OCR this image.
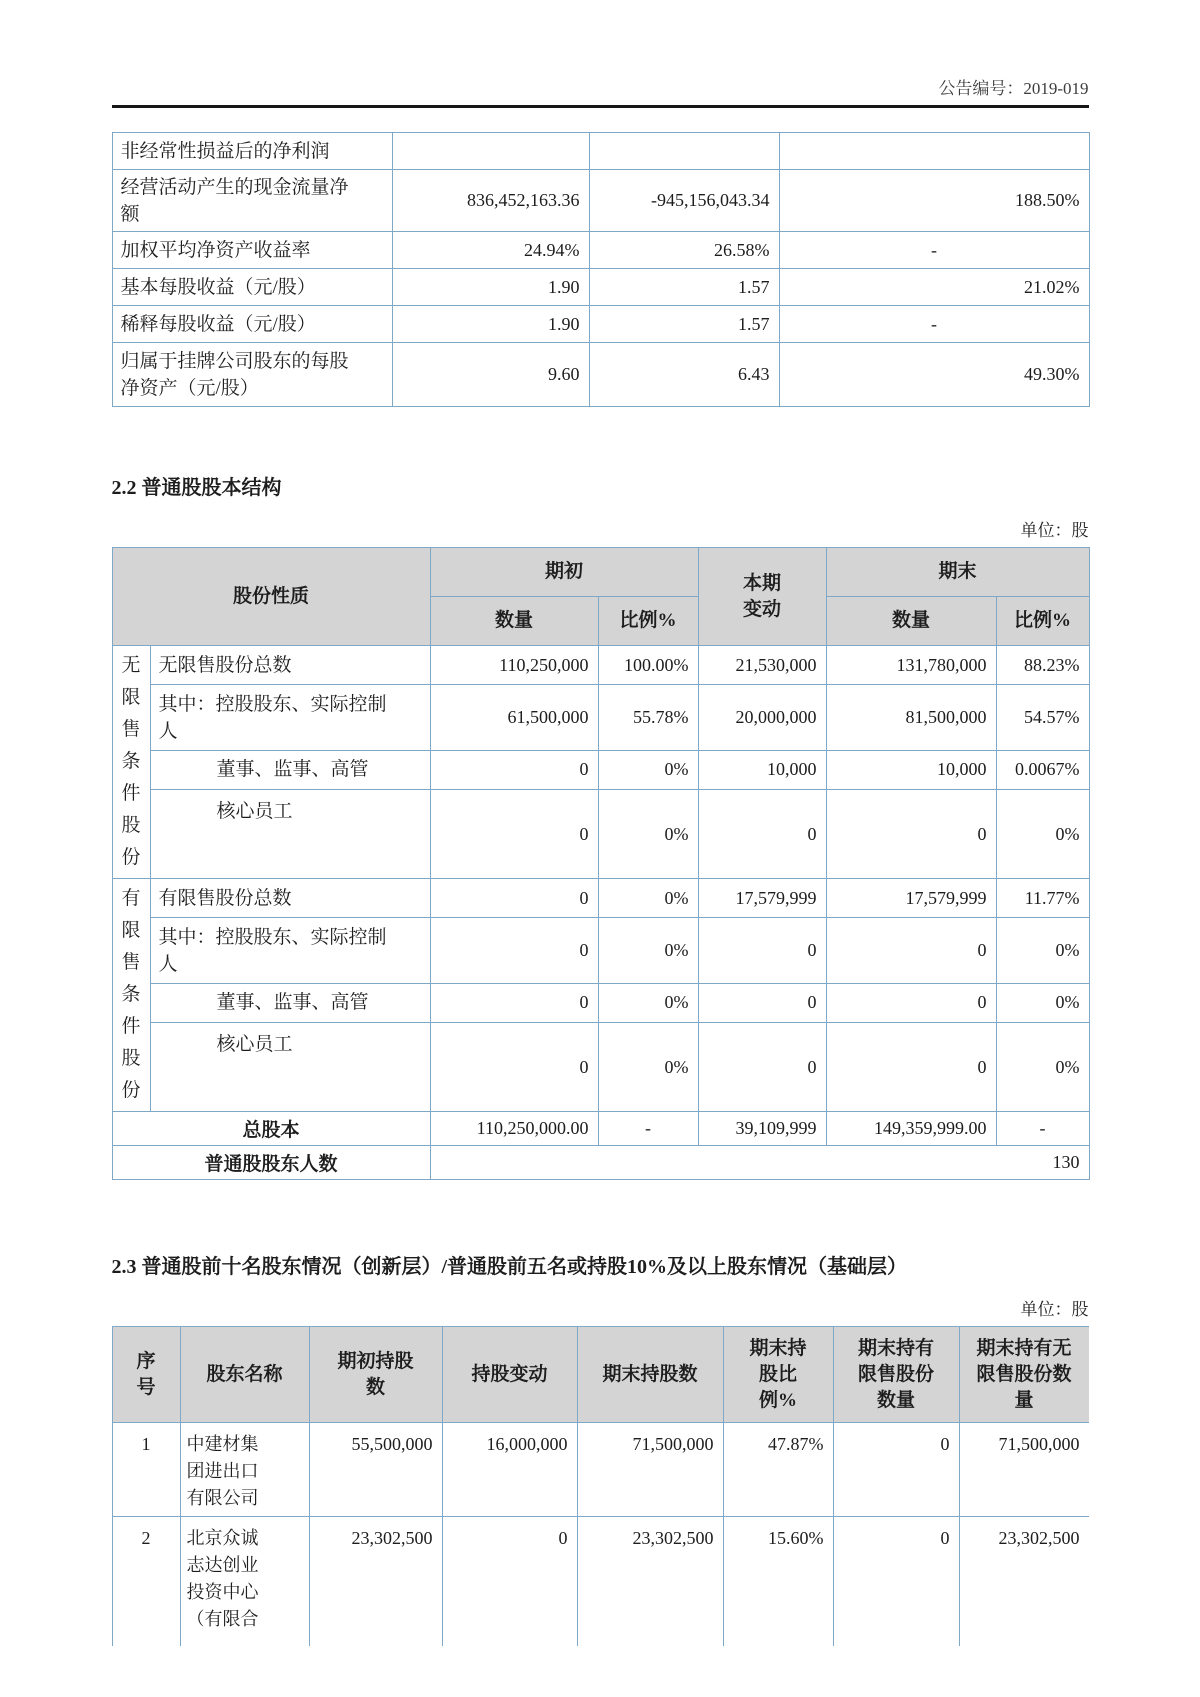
公告编号：2019-019
非经常性损益后的净利润			
经营活动产生的现金流量净额	836,452,163.36	-945,156,043.34	188.50%
加权平均净资产收益率	24.94%	26.58%	-
基本每股收益（元/股）	1.90	1.57	21.02%
稀释每股收益（元/股）	1.90	1.57	-
归属于挂牌公司股东的每股净资产（元/股）	9.60	6.43	49.30%
2.2 普通股股本结构
单位：股
股份性质		期初		本期变动	期末	
		数量	比例%		数量	比例%
无限售条件股份	无限售股份总数	110,250,000	100.00%	21,530,000	131,780,000	88.23%
	其中：控股股东、实际控制人	61,500,000	55.78%	20,000,000	81,500,000	54.57%
	董事、监事、高管	0	0%	10,000	10,000	0.0067%
	核心员工	0	0%	0	0	0%
有限售条件股份	有限售股份总数	0	0%	17,579,999	17,579,999	11.77%
	其中：控股股东、实际控制人	0	0%	0	0	0%
	董事、监事、高管	0	0%	0	0	0%
	核心员工	0	0%	0	0	0%
总股本		110,250,000.00	-	39,109,999	149,359,999.00	-
普通股股东人数		130				
2.3 普通股前十名股东情况（创新层）/普通股前五名或持股10%及以上股东情况（基础层）
单位：股
序号	股东名称	期初持股数	持股变动	期末持股数	期末持股比例%	期末持有限售股份数量	期末持有无限售股份数量
1	中建材集团进出口有限公司	55,500,000	16,000,000	71,500,000	47.87%	0	71,500,000
2	北京众诚志达创业投资中心（有限合	23,302,500	0	23,302,500	15.60%	0	23,302,500
